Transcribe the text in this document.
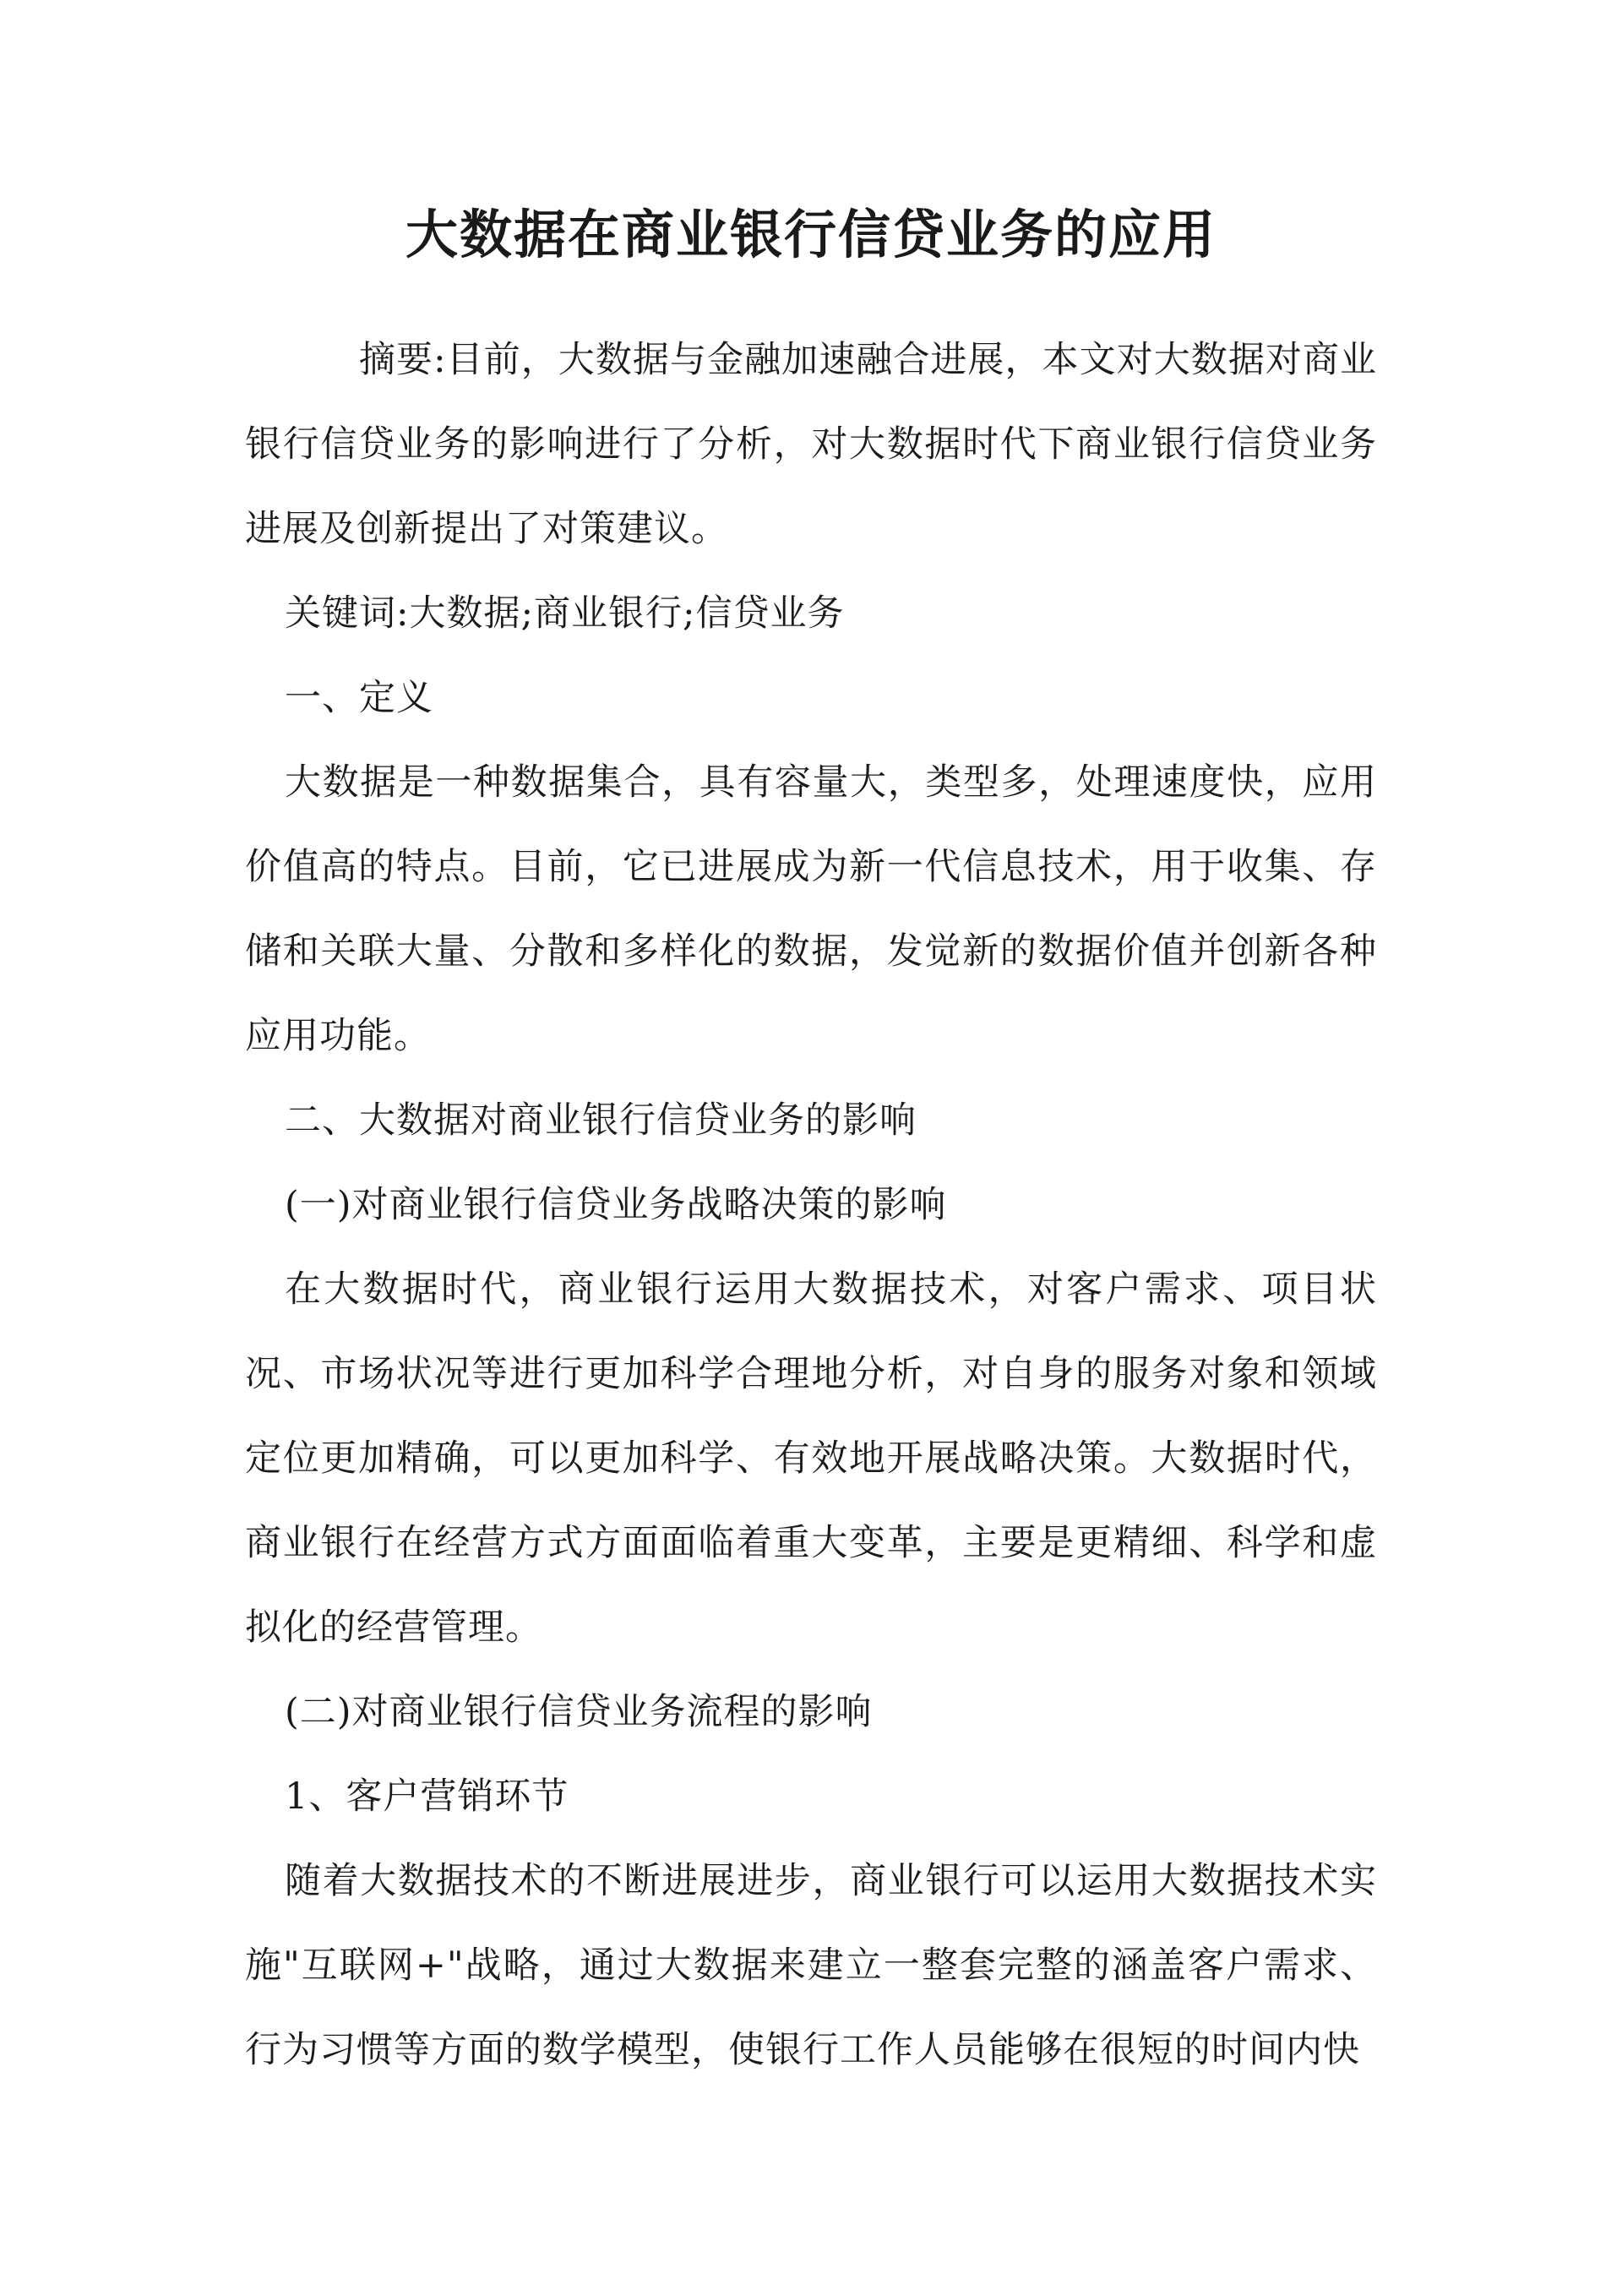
大数据在商业银行信贷业务的应用

摘要:目前，大数据与金融加速融合进展，本文对大数据对商业银行信贷业务的影响进行了分析，对大数据时代下商业银行信贷业务进展及创新提出了对策建议。

关键词:大数据;商业银行;信贷业务

一、定义

大数据是一种数据集合，具有容量大，类型多，处理速度快，应用价值高的特点。目前，它已进展成为新一代信息技术，用于收集、存储和关联大量、分散和多样化的数据，发觉新的数据价值并创新各种应用功能。

二、大数据对商业银行信贷业务的影响

(一)对商业银行信贷业务战略决策的影响

在大数据时代，商业银行运用大数据技术，对客户需求、项目状况、市场状况等进行更加科学合理地分析，对自身的服务对象和领域定位更加精确，可以更加科学、有效地开展战略决策。大数据时代，商业银行在经营方式方面面临着重大变革，主要是更精细、科学和虚拟化的经营管理。

(二)对商业银行信贷业务流程的影响

1、客户营销环节

随着大数据技术的不断进展进步，商业银行可以运用大数据技术实施"互联网+"战略，通过大数据来建立一整套完整的涵盖客户需求、行为习惯等方面的数学模型，使银行工作人员能够在很短的时间内快
